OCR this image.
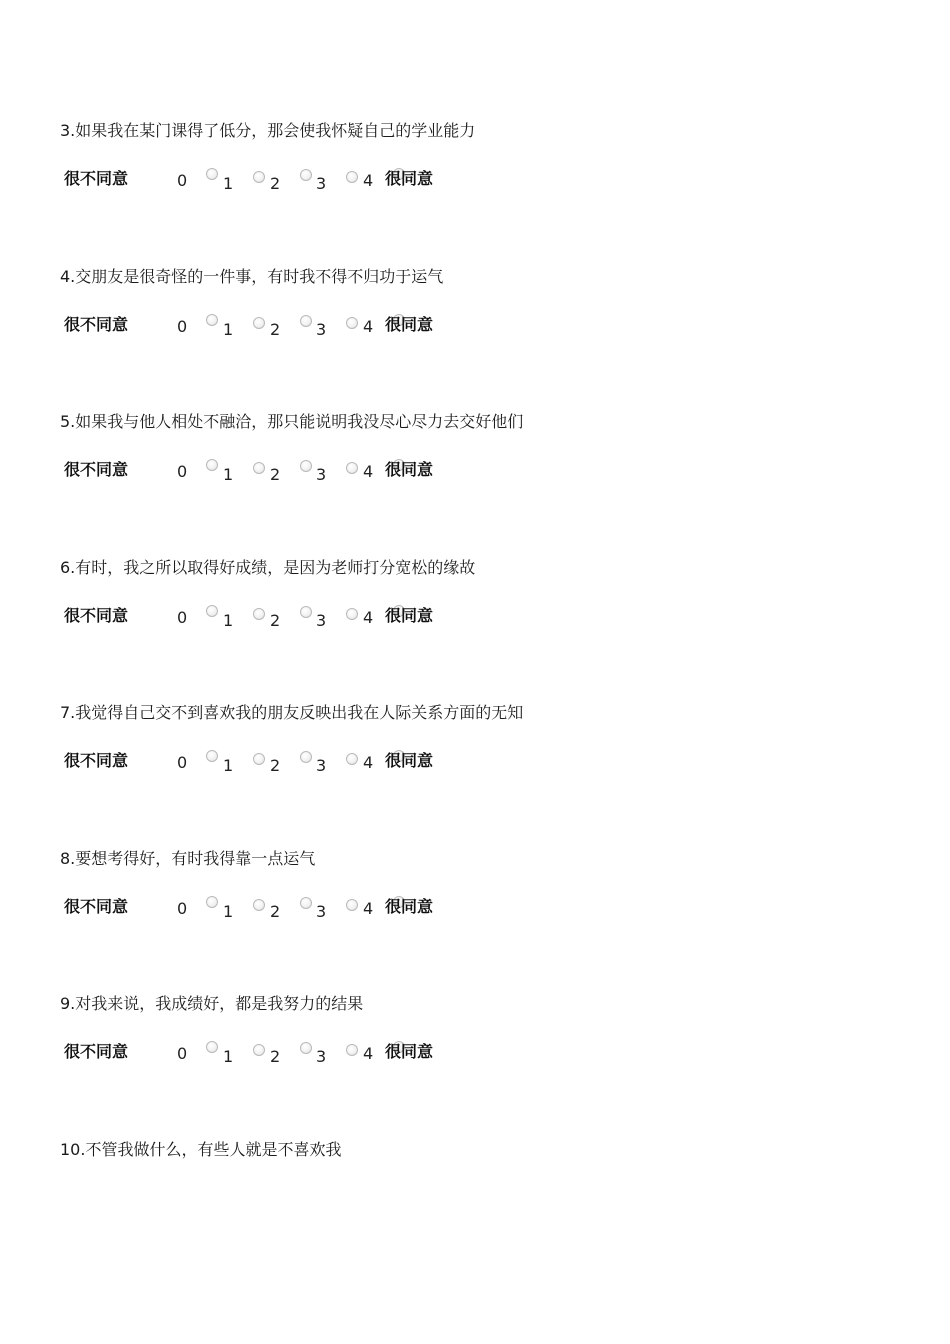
3.如果我在某门课得了低分，那会使我怀疑自己的学业能力
很不同意	0 1 2 3 4 很同意
4.交朋友是很奇怪的一件事，有时我不得不归功于运气
很不同意	0 1 2 3 4 很同意
5.如果我与他人相处不融洽，那只能说明我没尽心尽力去交好他们
很不同意	0 1 2 3 4 很同意
6.有时，我之所以取得好成绩，是因为老师打分宽松的缘故
很不同意	0 1 2 3 4 很同意
7.我觉得自己交不到喜欢我的朋友反映出我在人际关系方面的无知
很不同意	0 1 2 3 4 很同意
8.要想考得好，有时我得靠一点运气
很不同意	0 1 2 3 4 很同意
9.对我来说，我成绩好，都是我努力的结果
很不同意	0 1 2 3 4 很同意
10.不管我做什么，有些人就是不喜欢我
